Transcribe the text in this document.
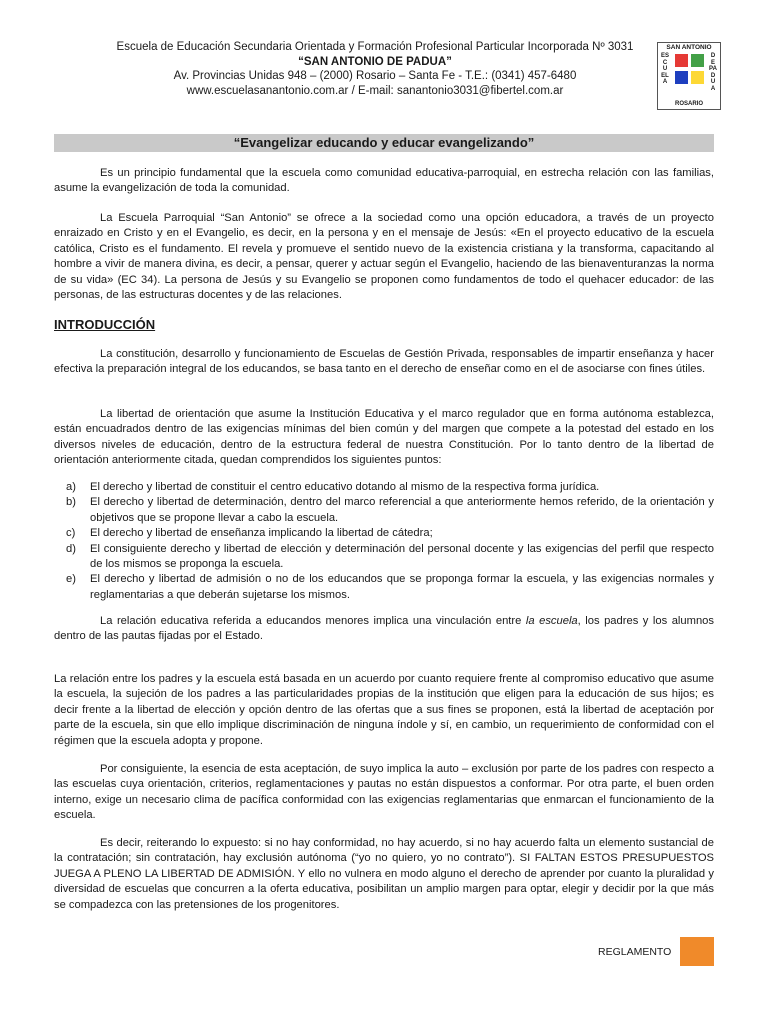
Escuela de Educación Secundaria Orientada y Formación Profesional Particular Incorporada Nº 3031
“SAN ANTONIO DE PADUA”
Av. Provincias Unidas 948 – (2000) Rosario – Santa Fe - T.E.: (0341) 457-6480
www.escuelasanantonio.com.ar / E-mail: sanantonio3031@fibertel.com.ar
SAN ANTONIO
ESCUELA
DE PADUA
ROSARIO
“Evangelizar educando y educar evangelizando”

Es un principio fundamental que la escuela como comunidad educativa-parroquial, en estrecha relación con las familias, asume la evangelización de toda la comunidad.

La Escuela Parroquial “San Antonio” se ofrece a la sociedad como una opción educadora, a través de un proyecto enraizado en Cristo y en el Evangelio, es decir, en la persona y en el mensaje de Jesús: «En el proyecto educativo de la escuela católica, Cristo es el fundamento. El revela y promueve el sentido nuevo de la existencia cristiana y la transforma, capacitando al hombre a vivir de manera divina, es decir, a pensar, querer y actuar según el Evangelio, haciendo de las bienaventuranzas la norma de su vida» (EC 34). La persona de Jesús y su Evangelio se proponen como fundamentos de todo el quehacer educador: de las personas, de las estructuras docentes y de las relaciones.

INTRODUCCIÓN

La constitución, desarrollo y funcionamiento de Escuelas de Gestión Privada, responsables de impartir enseñanza y hacer efectiva la preparación integral de los educandos, se basa tanto en el derecho de enseñar como en el de asociarse con fines útiles.

La libertad de orientación que asume la Institución Educativa y el marco regulador que en forma autónoma establezca, están encuadrados dentro de las exigencias mínimas del bien común y del margen que compete a la potestad del estado en los diversos niveles de educación, dentro de la estructura federal de nuestra Constitución. Por lo tanto dentro de la libertad de orientación anteriormente citada, quedan comprendidos los siguientes puntos:

a) El derecho y libertad de constituir el centro educativo dotando al mismo de la respectiva forma jurídica.
b) El derecho y libertad de determinación, dentro del marco referencial a que anteriormente hemos referido, de la orientación y objetivos que se propone llevar a cabo la escuela.
c) El derecho y libertad de enseñanza implicando la libertad de cátedra;
d) El consiguiente derecho y libertad de elección y determinación del personal docente y las exigencias del perfil que respecto de los mismos se proponga la escuela.
e) El derecho y libertad de admisión o no de los educandos que se proponga formar la escuela, y las exigencias normales y reglamentarias a que deberán sujetarse los mismos.

La relación educativa referida a educandos menores implica una vinculación entre la escuela, los padres y los alumnos dentro de las pautas fijadas por el Estado.

La relación entre los padres y la escuela está basada en un acuerdo por cuanto requiere frente al compromiso educativo que asume la escuela, la sujeción de los padres a las particularidades propias de la institución que eligen para la educación de sus hijos; es decir frente a la libertad de elección y opción dentro de las ofertas que a sus fines se proponen, está la libertad de aceptación por parte de la escuela, sin que ello implique discriminación de ninguna índole y sí, en cambio, un requerimiento de conformidad con el régimen que la escuela adopta y propone.

Por consiguiente, la esencia de esta aceptación, de suyo implica la auto – exclusión por parte de los padres con respecto a las escuelas cuya orientación, criterios, reglamentaciones y pautas no están dispuestos a conformar. Por otra parte, el buen orden interno, exige un necesario clima de pacífica conformidad con las exigencias reglamentarias que enmarcan el funcionamiento de la escuela.

Es decir, reiterando lo expuesto: si no hay conformidad, no hay acuerdo, si no hay acuerdo falta un elemento sustancial de la contratación; sin contratación, hay exclusión autónoma (“yo no quiero, yo no contrato”). SI FALTAN ESTOS PRESUPUESTOS JUEGA A PLENO LA LIBERTAD DE ADMISIÓN. Y ello no vulnera en modo alguno el derecho de aprender por cuanto la pluralidad y diversidad de escuelas que concurren a la oferta educativa, posibilitan un amplio margen para optar, elegir y decidir por la que más se compadezca con las pretensiones de los progenitores.

REGLAMENTO
